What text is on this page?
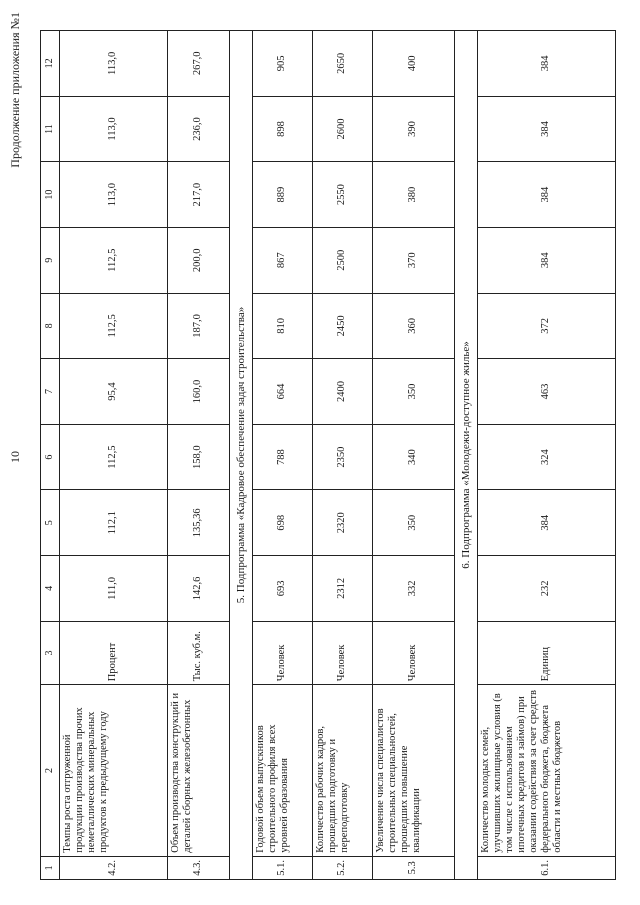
10
Продолжение приложения №1
1	2	3	4	5	6	7	8	9	10	11	12
4.2.	Темпы роста отгруженной продукции производства прочих неметаллических минеральных продуктов к предыдущему году	Процент	111,0	112,1	112,5	95,4	112,5	112,5	113,0	113,0	113,0
4.3.	Объем производства конструкций и деталей сборных железобетонных	Тыс. куб.м.	142,6	135,36	158,0	160,0	187,0	200,0	217,0	236,0	267,0
5. Подпрограмма «Кадровое обеспечение задач строительства»											
5.1.	Годовой объем выпускников строительного профиля всех уровней образования	Человек	693	698	788	664	810	867	889	898	905
5.2.	Количество рабочих кадров, прошедших подготовку и переподготовку	Человек	2312	2320	2350	2400	2450	2500	2550	2600	2650
5.3	Увеличение числа специалистов строительных специальностей, прошедших повышение квалификации	Человек	332	350	340	350	360	370	380	390	400
6. Подпрограмма «Молодежи-доступное жилье»											
6.1.	Количество молодых семей, улучшивших жилищные условия (в том числе с использованием ипотечных кредитов и займов) при оказании содействия за счет средств федерального бюджета, бюджета области и местных бюджетов	Единиц	232	384	324	463	372	384	384	384	384
